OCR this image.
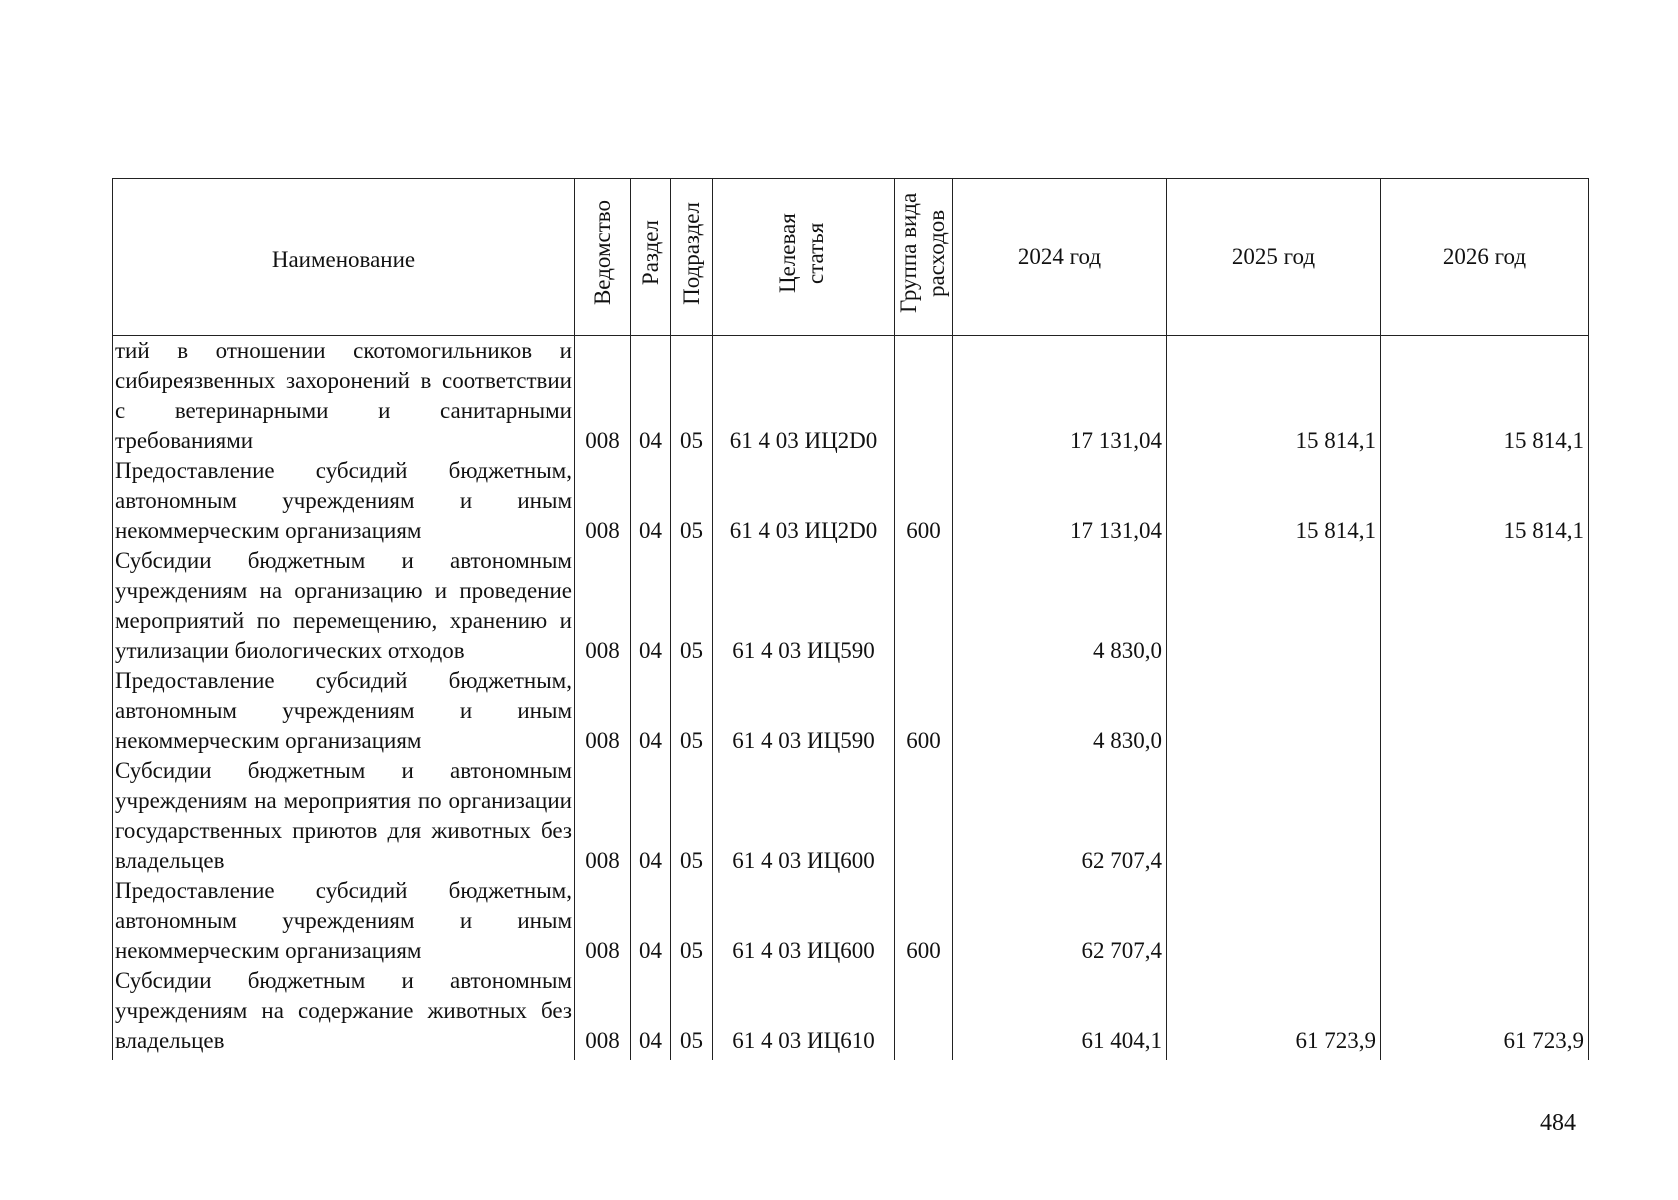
Наименование	Ведомство	Раздел	Подраздел	Целевая статья	Группа вида расходов	2024 год	2025 год	2026 год
тий в отношении скотомогильников и сибиреязвенных захоронений в соответствии с ветеринарными и санитарными требованиями	008	04	05	61 4 03 ИЦ2D0		17 131,04	15 814,1	15 814,1
Предоставление субсидий бюджетным, автономным учреждениям и иным некоммерческим организациям	008	04	05	61 4 03 ИЦ2D0	600	17 131,04	15 814,1	15 814,1
Субсидии бюджетным и автономным учреждениям на организацию и проведение мероприятий по перемещению, хранению и утилизации биологических отходов	008	04	05	61 4 03 ИЦ590		4 830,0		
Предоставление субсидий бюджетным, автономным учреждениям и иным некоммерческим организациям	008	04	05	61 4 03 ИЦ590	600	4 830,0		
Субсидии бюджетным и автономным учреждениям на мероприятия по организации государственных приютов для животных без владельцев	008	04	05	61 4 03 ИЦ600		62 707,4		
Предоставление субсидий бюджетным, автономным учреждениям и иным некоммерческим организациям	008	04	05	61 4 03 ИЦ600	600	62 707,4		
Субсидии бюджетным и автономным учреждениям на содержание животных без владельцев	008	04	05	61 4 03 ИЦ610		61 404,1	61 723,9	61 723,9
484
